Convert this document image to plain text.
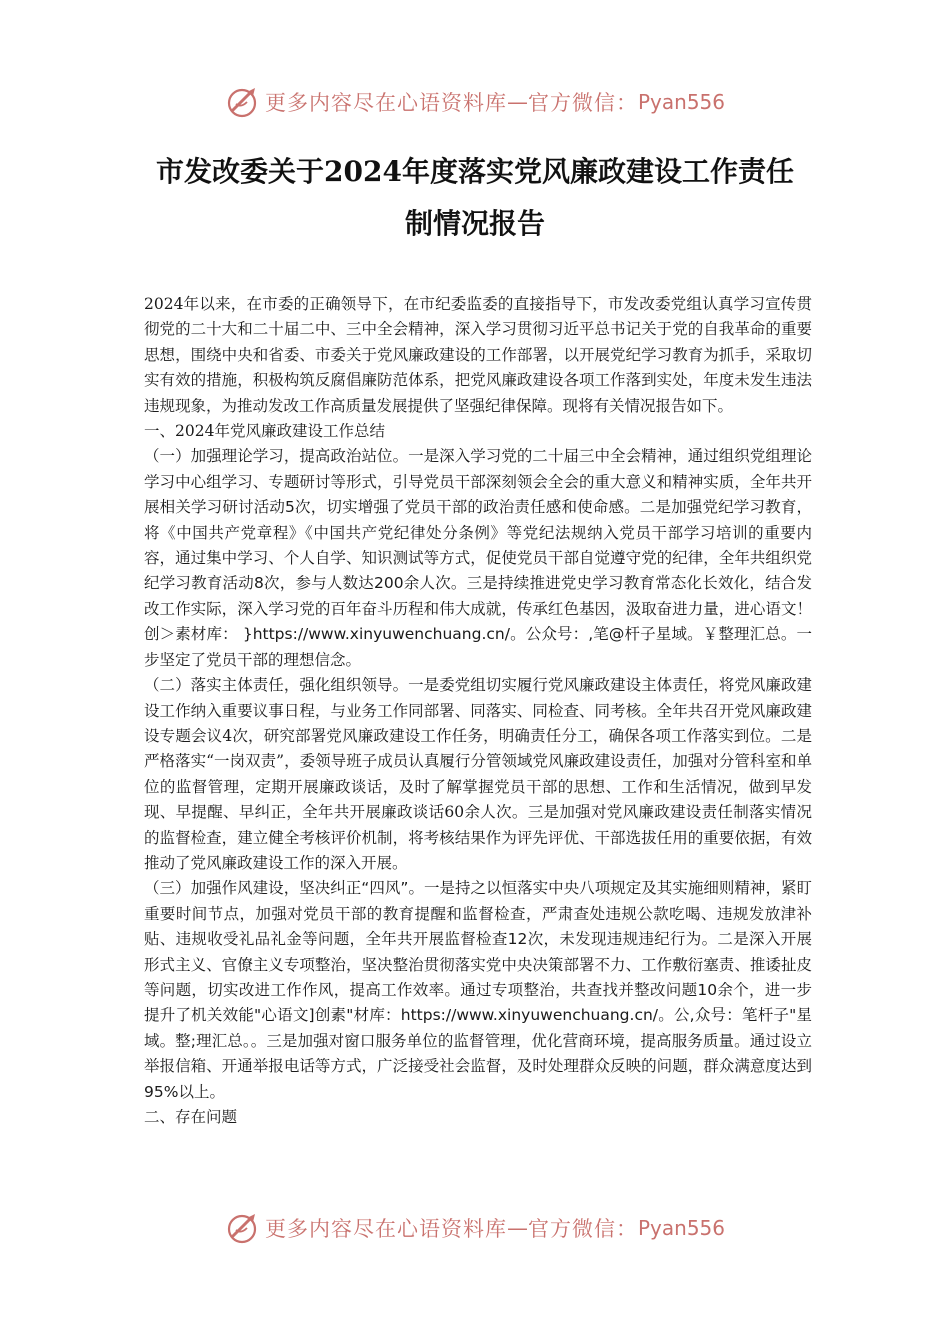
更多内容尽在心语资料库 — 官方微信： Pyan556
市发改委关于2024年度落实党风廉政建设工作责任
制情况报告

2024年以来，在市委的正确领导下，在市纪委监委的直接指导下，市发改委党组认真学习宣传贯彻党的二十大和二十届二中、三中全会精神，深入学习贯彻习近平总书记关于党的自我革命的重要思想，围绕中央和省委、市委关于党风廉政建设的工作部署，以开展党纪学习教育为抓手，采取切实有效的措施，积极构筑反腐倡廉防范体系，把党风廉政建设各项工作落到实处，年度未发生违法违规现象，为推动发改工作高质量发展提供了坚强纪律保障。现将有关情况报告如下。

一、2024年党风廉政建设工作总结

（一）加强理论学习，提高政治站位。一是深入学习党的二十届三中全会精神，通过组织党组理论学习中心组学习、专题研讨等形式，引导党员干部深刻领会全会的重大意义和精神实质，全年共开展相关学习研讨活动5次，切实增强了党员干部的政治责任感和使命感。二是加强党纪学习教育，将《中国共产党章程》《中国共产党纪律处分条例》等党纪法规纳入党员干部学习培训的重要内容，通过集中学习、个人自学、知识测试等方式，促使党员干部自觉遵守党的纪律，全年共组织党纪学习教育活动8次，参与人数达200余人次。三是持续推进党史学习教育常态化长效化，结合发改工作实际，深入学习党的百年奋斗历程和伟大成就，传承红色基因，汲取奋进力量，进心语文！创＞素材库： }https://www.xinyuwenchuang.cn/。公众号：,笔@杆子星域。￥整理汇总。一步坚定了党员干部的理想信念。

（二）落实主体责任，强化组织领导。一是委党组切实履行党风廉政建设主体责任，将党风廉政建设工作纳入重要议事日程，与业务工作同部署、同落实、同检查、同考核。全年共召开党风廉政建设专题会议4次，研究部署党风廉政建设工作任务，明确责任分工，确保各项工作落实到位。二是严格落实“一岗双责”，委领导班子成员认真履行分管领域党风廉政建设责任，加强对分管科室和单位的监督管理，定期开展廉政谈话，及时了解掌握党员干部的思想、工作和生活情况，做到早发现、早提醒、早纠正，全年共开展廉政谈话60余人次。三是加强对党风廉政建设责任制落实情况的监督检查，建立健全考核评价机制，将考核结果作为评先评优、干部选拔任用的重要依据，有效推动了党风廉政建设工作的深入开展。

（三）加强作风建设，坚决纠正“四风”。一是持之以恒落实中央八项规定及其实施细则精神，紧盯重要时间节点，加强对党员干部的教育提醒和监督检查，严肃查处违规公款吃喝、违规发放津补贴、违规收受礼品礼金等问题，全年共开展监督检查12次，未发现违规违纪行为。二是深入开展形式主义、官僚主义专项整治，坚决整治贯彻落实党中央决策部署不力、工作敷衍塞责、推诿扯皮等问题，切实改进工作作风，提高工作效率。通过专项整治，共查找并整改问题10余个，进一步提升了机关效能"心语文]创素"材库：https://www.xinyuwenchuang.cn/。公,众号：笔杆子"星域。整;理汇总。。三是加强对窗口服务单位的监督管理，优化营商环境，提高服务质量。通过设立举报信箱、开通举报电话等方式，广泛接受社会监督，及时处理群众反映的问题，群众满意度达到95%以上。

二、存在问题

更多内容尽在心语资料库 — 官方微信： Pyan556
